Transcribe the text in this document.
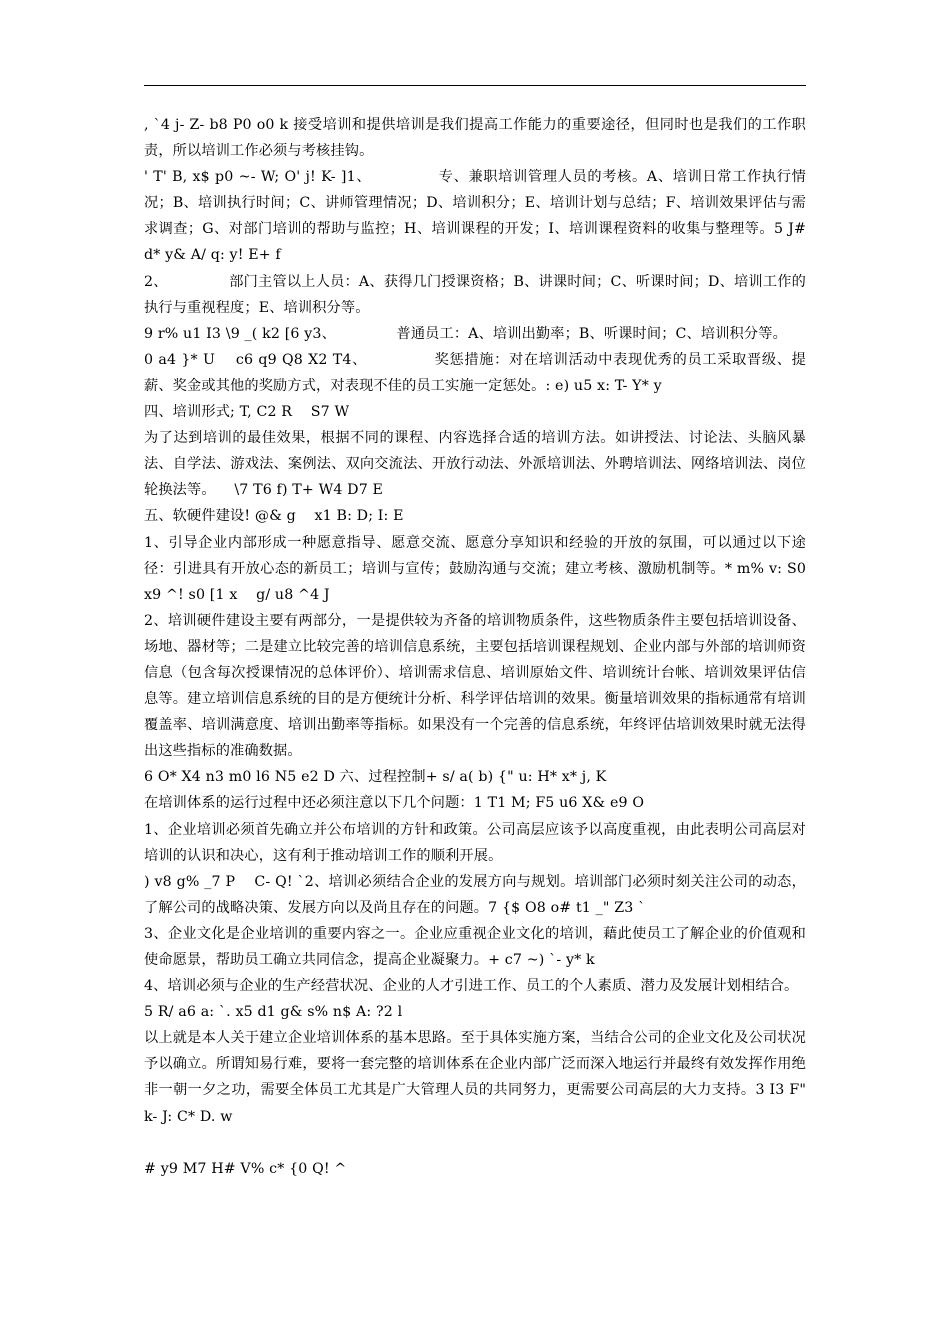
, `4 j- Z- b8 P0 o0 k 接受培训和提供培训是我们提高工作能力的重要途径，但同时也是我们的工作职责，所以培训工作必须与考核挂钩。

' T' B, x$ p0 ~- W; O' j! K- ]1、             专、兼职培训管理人员的考核。A、培训日常工作执行情况；B、培训执行时间；C、讲师管理情况；D、培训积分；E、培训计划与总结；F、培训效果评估与需求调查；G、对部门培训的帮助与监控；H、培训课程的开发；I、培训课程资料的收集与整理等。5 J# d* y& A/ q: y! E+ f

2、             部门主管以上人员：A、获得几门授课资格；B、讲课时间；C、听课时间；D、培训工作的执行与重视程度；E、培训积分等。

9 r% u1 I3 \9 _( k2 [6 y3、             普通员工：A、培训出勤率；B、听课时间；C、培训积分等。

0 a4 }* U    c6 q9 Q8 X2 T4、             奖惩措施：对在培训活动中表现优秀的员工采取晋级、提薪、奖金或其他的奖励方式，对表现不佳的员工实施一定惩处。: e) u5 x: T- Y* y

四、培训形式; T, C2 R    S7 W

为了达到培训的最佳效果，根据不同的课程、内容选择合适的培训方法。如讲授法、讨论法、头脑风暴法、自学法、游戏法、案例法、双向交流法、开放行动法、外派培训法、外聘培训法、网络培训法、岗位轮换法等。    \7 T6 f) T+ W4 D7 E

五、软硬件建设! @& g    x1 B: D; I: E

1、引导企业内部形成一种愿意指导、愿意交流、愿意分享知识和经验的开放的氛围，可以通过以下途径：引进具有开放心态的新员工；培训与宣传；鼓励沟通与交流；建立考核、激励机制等。* m% v: S0 x9 ^! s0 [1 x    g/ u8 ^4 J

2、培训硬件建设主要有两部分，一是提供较为齐备的培训物质条件，这些物质条件主要包括培训设备、场地、器材等；二是建立比较完善的培训信息系统，主要包括培训课程规划、企业内部与外部的培训师资信息（包含每次授课情况的总体评价）、培训需求信息、培训原始文件、培训统计台帐、培训效果评估信息等。建立培训信息系统的目的是方便统计分析、科学评估培训的效果。衡量培训效果的指标通常有培训覆盖率、培训满意度、培训出勤率等指标。如果没有一个完善的信息系统，年终评估培训效果时就无法得出这些指标的准确数据。

6 O* X4 n3 m0 l6 N5 e2 D 六、过程控制+ s/ a( b) {" u: H* x* j, K

在培训体系的运行过程中还必须注意以下几个问题：1 T1 M; F5 u6 X& e9 O

1、企业培训必须首先确立并公布培训的方针和政策。公司高层应该予以高度重视，由此表明公司高层对培训的认识和决心，这有利于推动培训工作的顺利开展。

) v8 g% _7 P    C- Q! `2、培训必须结合企业的发展方向与规划。培训部门必须时刻关注公司的动态，了解公司的战略决策、发展方向以及尚且存在的问题。7 {$ O8 o# t1 _" Z3 `

3、企业文化是企业培训的重要内容之一。企业应重视企业文化的培训，藉此使员工了解企业的价值观和使命愿景，帮助员工确立共同信念，提高企业凝聚力。+ c7 ~) `- y* k

4、培训必须与企业的生产经营状况、企业的人才引进工作、员工的个人素质、潜力及发展计划相结合。

5 R/ a6 a: `. x5 d1 g& s% n$ A: ?2 l

以上就是本人关于建立企业培训体系的基本思路。至于具体实施方案，当结合公司的企业文化及公司状况予以确立。所谓知易行难，要将一套完整的培训体系在企业内部广泛而深入地运行并最终有效发挥作用绝非一朝一夕之功，需要全体员工尤其是广大管理人员的共同努力，更需要公司高层的大力支持。3 I3 F" k- J: C* D. w

# y9 M7 H# V% c* {0 Q! ^
